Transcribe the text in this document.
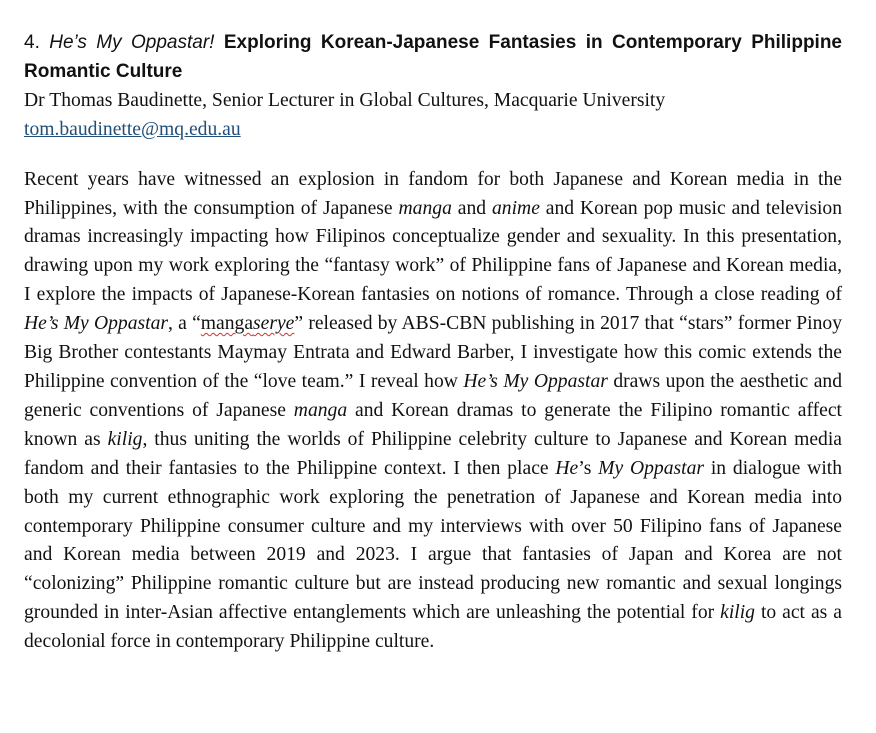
4. He’s My Oppastar! Exploring Korean-Japanese Fantasies in Contemporary Philippine Romantic Culture

Dr Thomas Baudinette, Senior Lecturer in Global Cultures, Macquarie University

tom.baudinette@mq.edu.au

Recent years have witnessed an explosion in fandom for both Japanese and Korean media in the Philippines, with the consumption of Japanese manga and anime and Korean pop music and television dramas increasingly impacting how Filipinos conceptualize gender and sexuality. In this presentation, drawing upon my work exploring the “fantasy work” of Philippine fans of Japanese and Korean media, I explore the impacts of Japanese-Korean fantasies on notions of romance. Through a close reading of He’s My Oppastar, a “mangaserye” released by ABS-CBN publishing in 2017 that “stars” former Pinoy Big Brother contestants Maymay Entrata and Edward Barber, I investigate how this comic extends the Philippine convention of the “love team.” I reveal how He’s My Oppastar draws upon the aesthetic and generic conventions of Japanese manga and Korean dramas to generate the Filipino romantic affect known as kilig, thus uniting the worlds of Philippine celebrity culture to Japanese and Korean media fandom and their fantasies to the Philippine context. I then place He’s My Oppastar in dialogue with both my current ethnographic work exploring the penetration of Japanese and Korean media into contemporary Philippine consumer culture and my interviews with over 50 Filipino fans of Japanese and Korean media between 2019 and 2023. I argue that fantasies of Japan and Korea are not “colonizing” Philippine romantic culture but are instead producing new romantic and sexual longings grounded in inter-Asian affective entanglements which are unleashing the potential for kilig to act as a decolonial force in contemporary Philippine culture.
